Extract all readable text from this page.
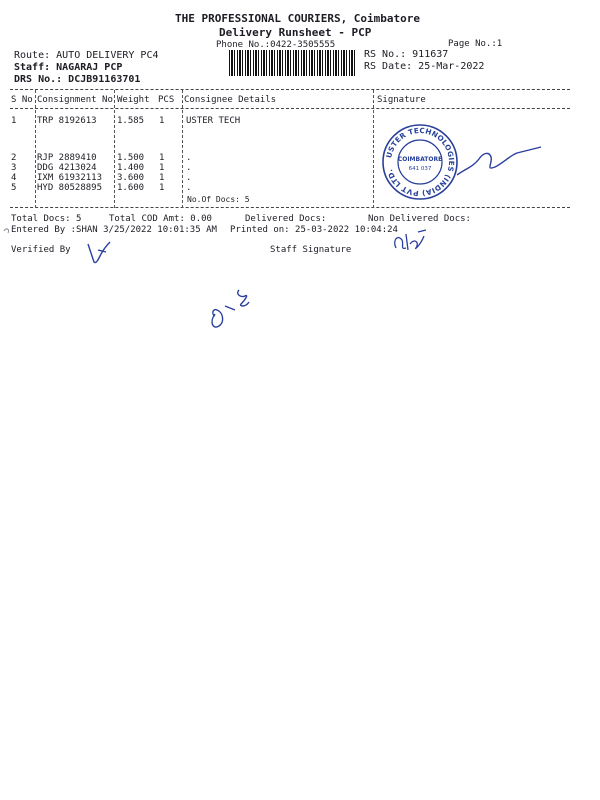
THE PROFESSIONAL COURIERS, Coimbatore
Delivery Runsheet - PCP
Phone No.:0422-3505555	Page No.:1
Route: AUTO DELIVERY PC4
Staff: NAGARAJ PCP
DRS No.: DCJB91163701
RS No.: 911637
RS Date: 25-Mar-2022
S No Consignment No Weight PCS Consignee Details	Signature
1 TRP 8192613 1.585 1 USTER TECH
2 RJP 2889410 1.500 1 .
3 DDG 4213024 1.400 1 .
4 IXM 61932113 3.600 1 .
5 HYD 80528895 1.600 1 .
No.Of Docs: 5
USTER TECHNOLOGIES (INDIA) PVT LTD.
COIMBATORE
641 037
Total Docs: 5	Total COD Amt: 0.00	Delivered Docs:	Non Delivered Docs:
Entered By :SHAN 3/25/2022 10:01:35 AM Printed on: 25-03-2022 10:04:24
Verified By	Staff Signature
